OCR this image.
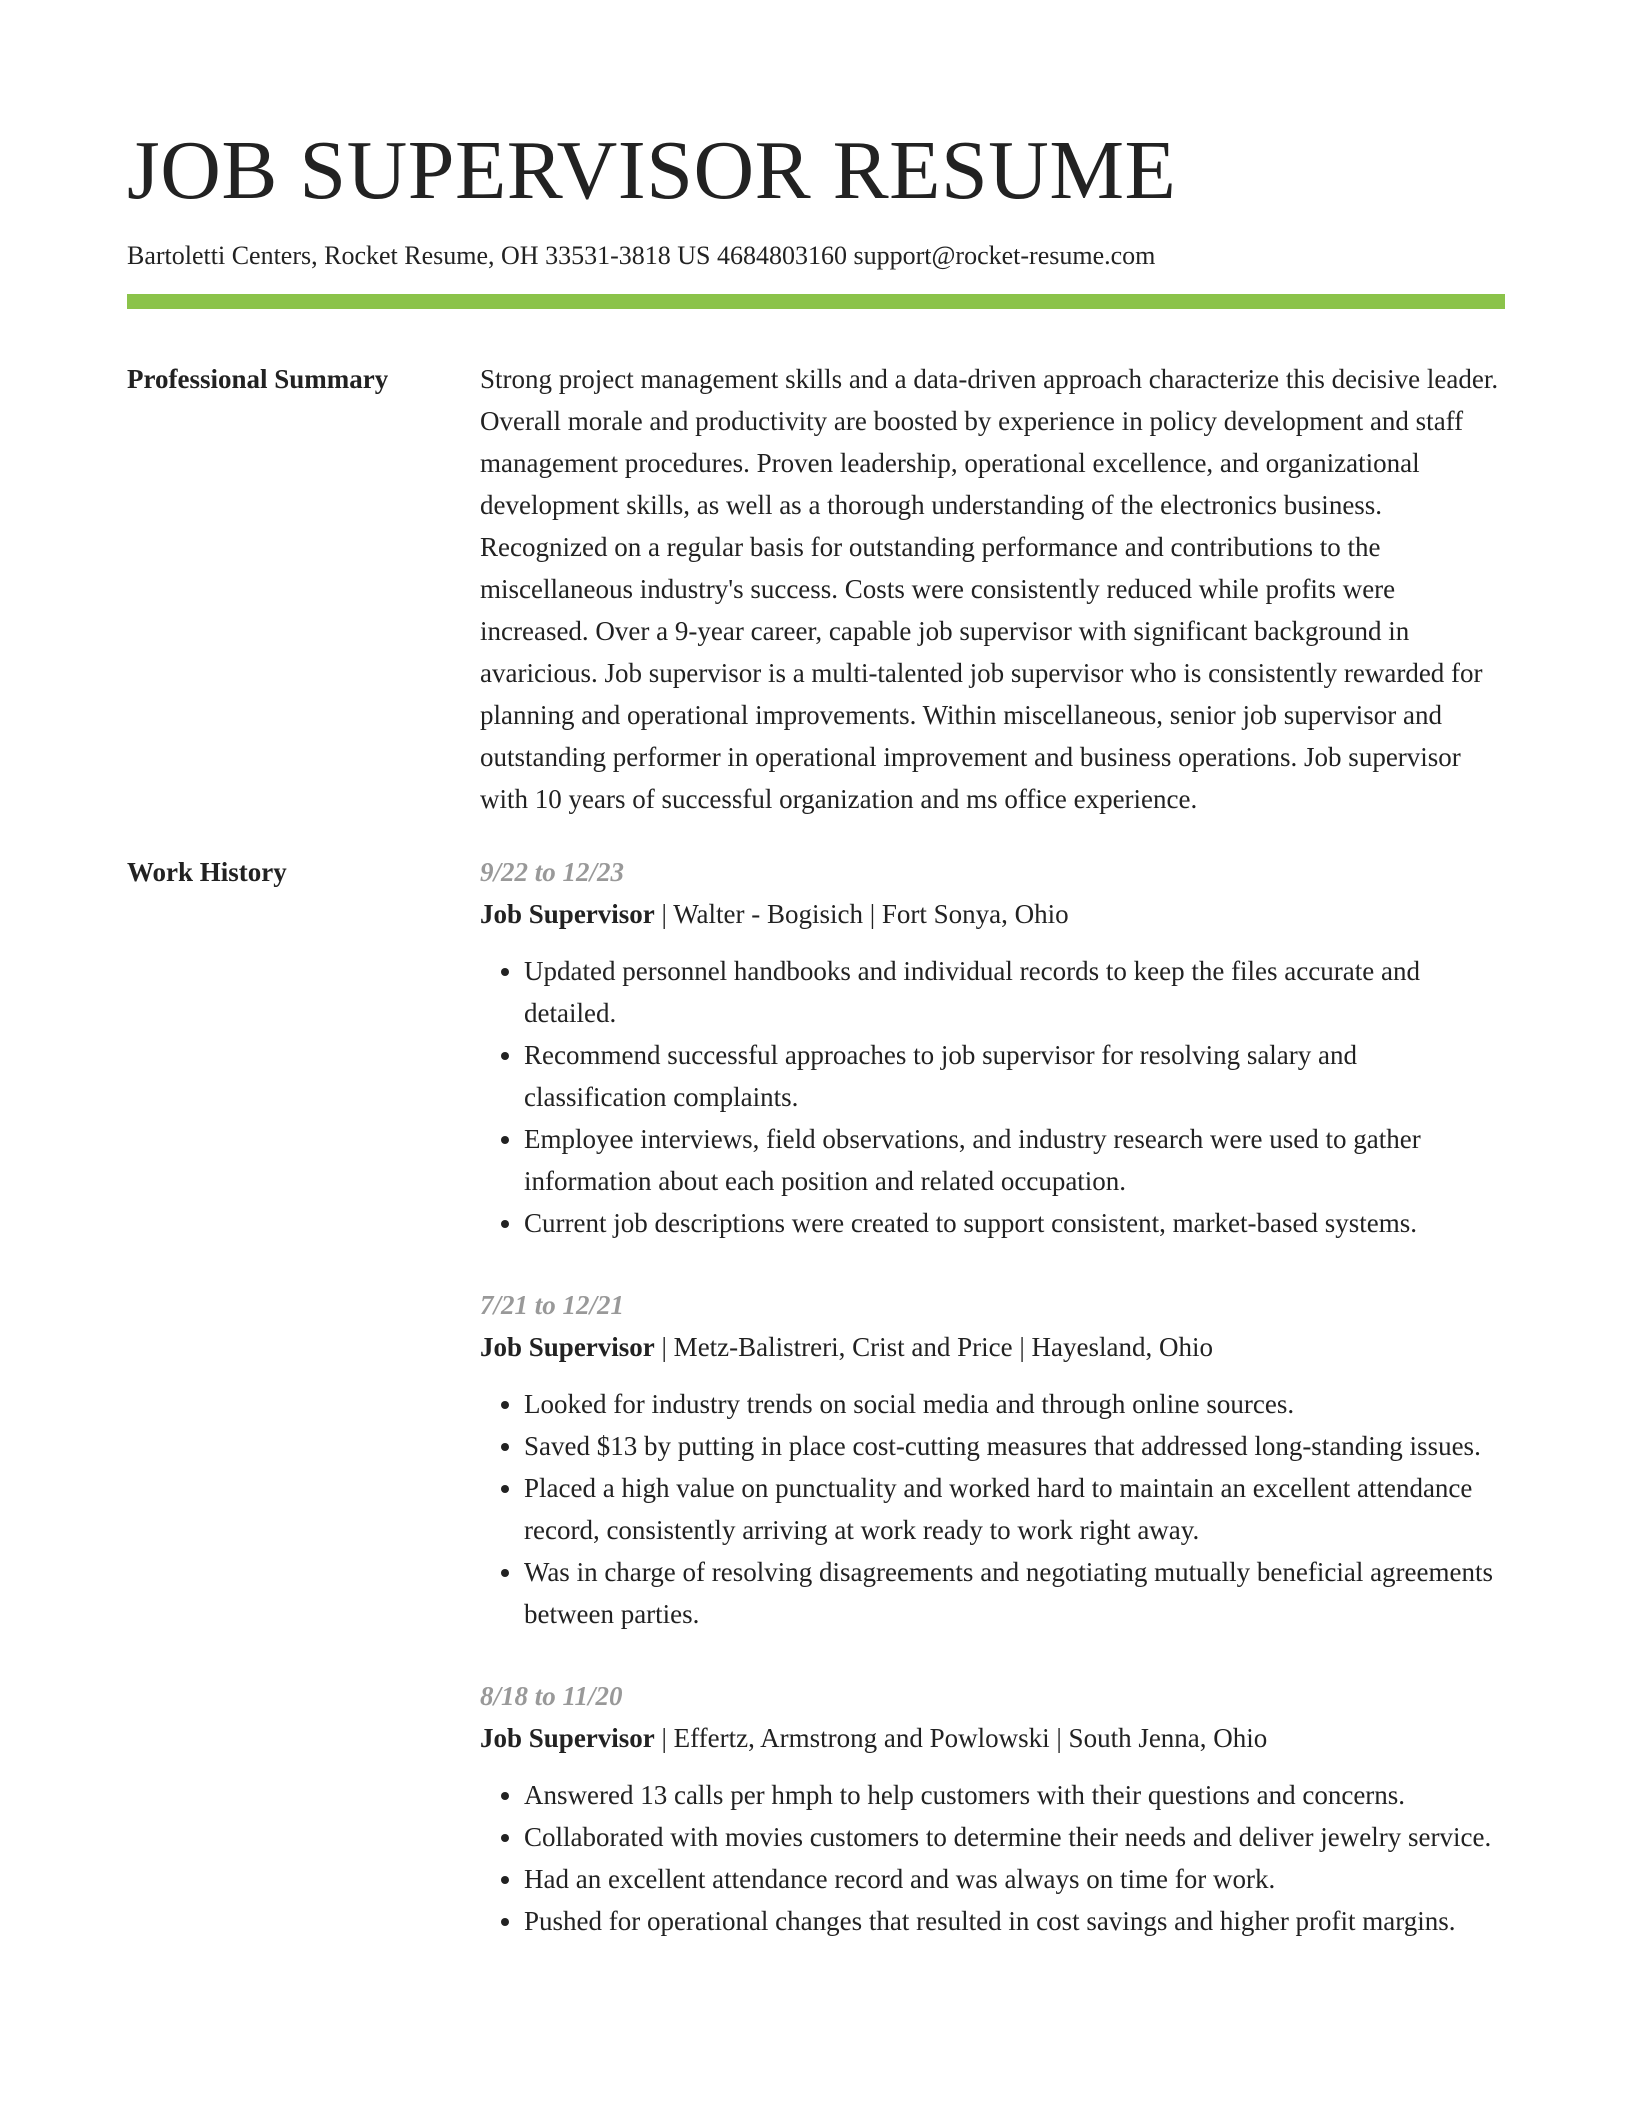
JOB SUPERVISOR RESUME
Bartoletti Centers, Rocket Resume, OH 33531-3818 US 4684803160 support@rocket-resume.com
Professional Summary	Strong project management skills and a data-driven approach characterize this decisive leader. Overall morale and productivity are boosted by experience in policy development and staff management procedures. Proven leadership, operational excellence, and organizational development skills, as well as a thorough understanding of the electronics business. Recognized on a regular basis for outstanding performance and contributions to the miscellaneous industry's success. Costs were consistently reduced while profits were increased. Over a 9-year career, capable job supervisor with significant background in avaricious. Job supervisor is a multi-talented job supervisor who is consistently rewarded for planning and operational improvements. Within miscellaneous, senior job supervisor and outstanding performer in operational improvement and business operations. Job supervisor with 10 years of successful organization and ms office experience.

Work History	9/22 to 12/23
Job Supervisor | Walter - Bogisich | Fort Sonya, Ohio
• Updated personnel handbooks and individual records to keep the files accurate and detailed.
• Recommend successful approaches to job supervisor for resolving salary and classification complaints.
• Employee interviews, field observations, and industry research were used to gather information about each position and related occupation.
• Current job descriptions were created to support consistent, market-based systems.
7/21 to 12/21
Job Supervisor | Metz-Balistreri, Crist and Price | Hayesland, Ohio
• Looked for industry trends on social media and through online sources.
• Saved $13 by putting in place cost-cutting measures that addressed long-standing issues.
• Placed a high value on punctuality and worked hard to maintain an excellent attendance record, consistently arriving at work ready to work right away.
• Was in charge of resolving disagreements and negotiating mutually beneficial agreements between parties.
8/18 to 11/20
Job Supervisor | Effertz, Armstrong and Powlowski | South Jenna, Ohio
• Answered 13 calls per hmph to help customers with their questions and concerns.
• Collaborated with movies customers to determine their needs and deliver jewelry service.
• Had an excellent attendance record and was always on time for work.
• Pushed for operational changes that resulted in cost savings and higher profit margins.
